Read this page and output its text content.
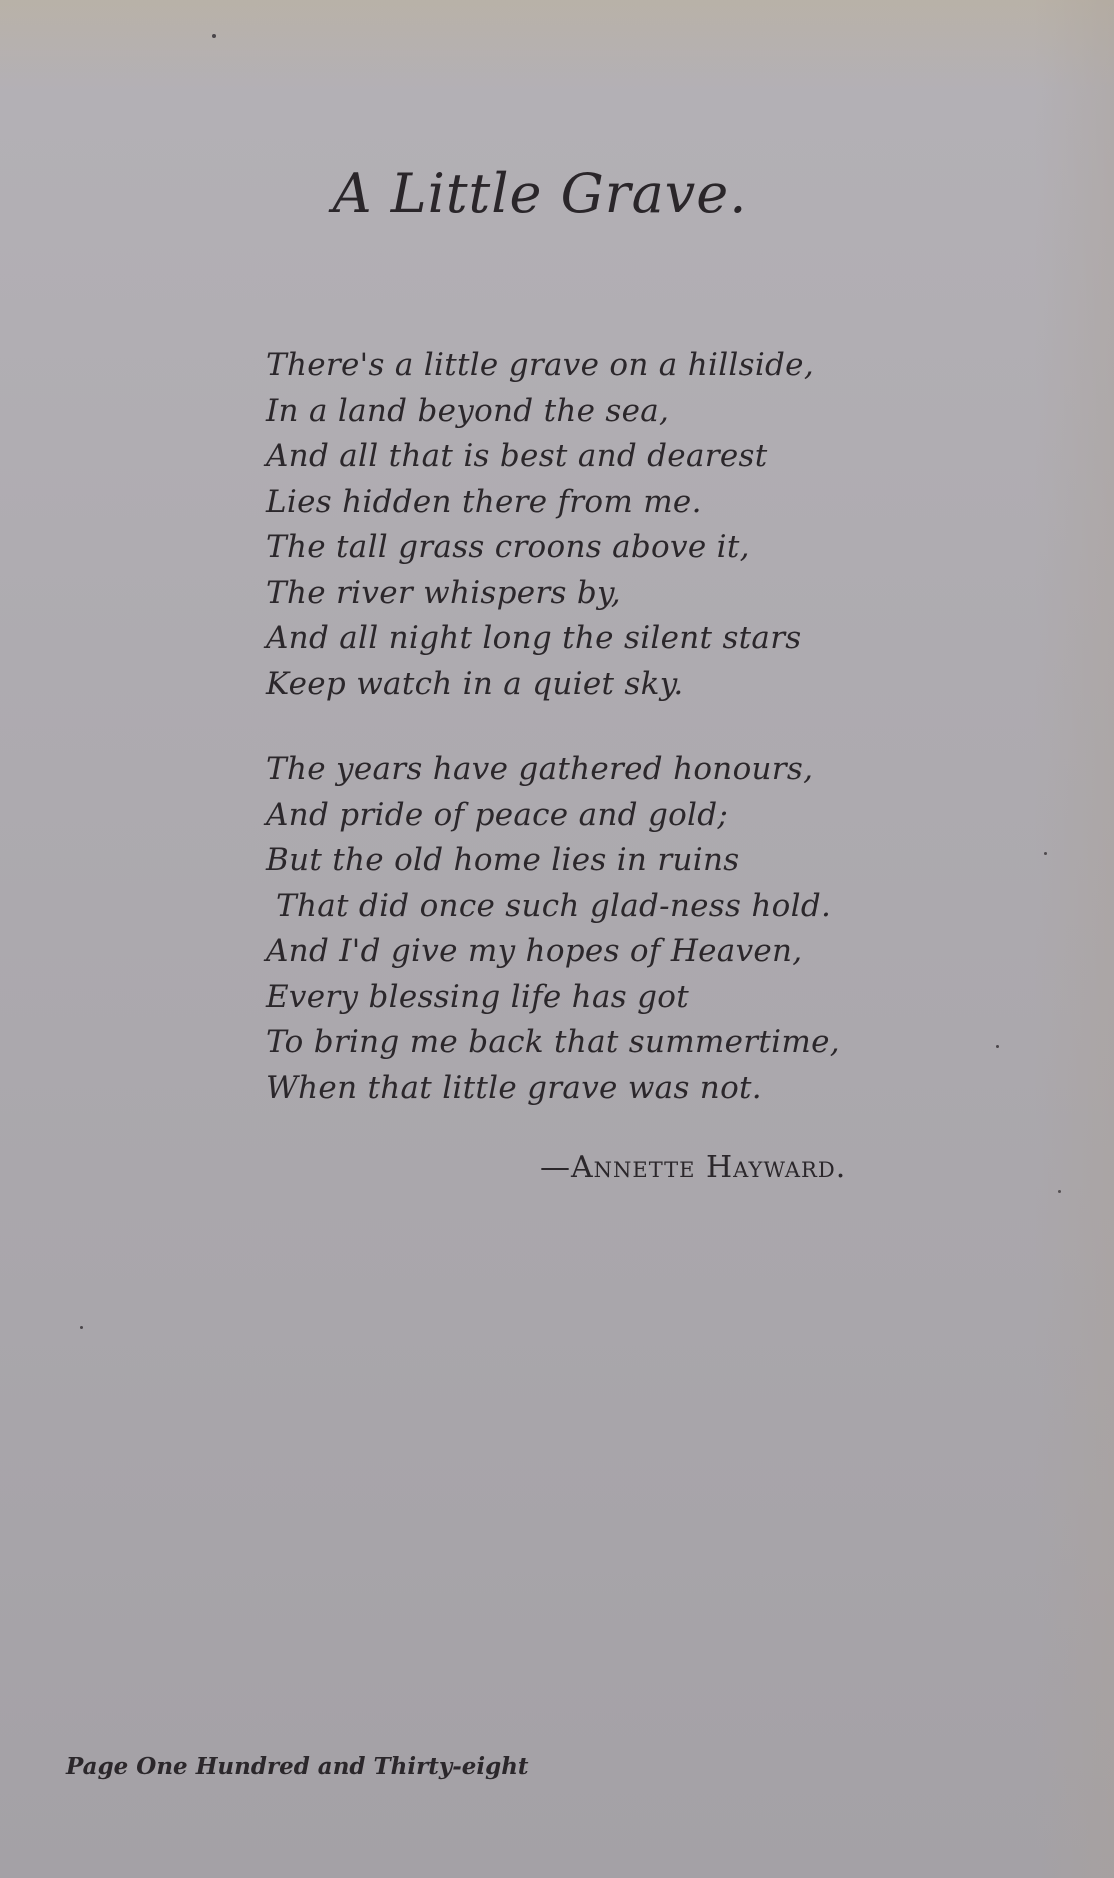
A Little Grave.
There's a little grave on a hillside,
In a land beyond the sea,
And all that is best and dearest
Lies hidden there from me.
The tall grass croons above it,
The river whispers by,
And all night long the silent stars
Keep watch in a quiet sky.
The years have gathered honours,
And pride of peace and gold;
But the old home lies in ruins
That did once such glad-ness hold.
And I'd give my hopes of Heaven,
Every blessing life has got
To bring me back that summertime,
When that little grave was not.
—Annette Hayward.
Page One Hundred and Thirty-eight
